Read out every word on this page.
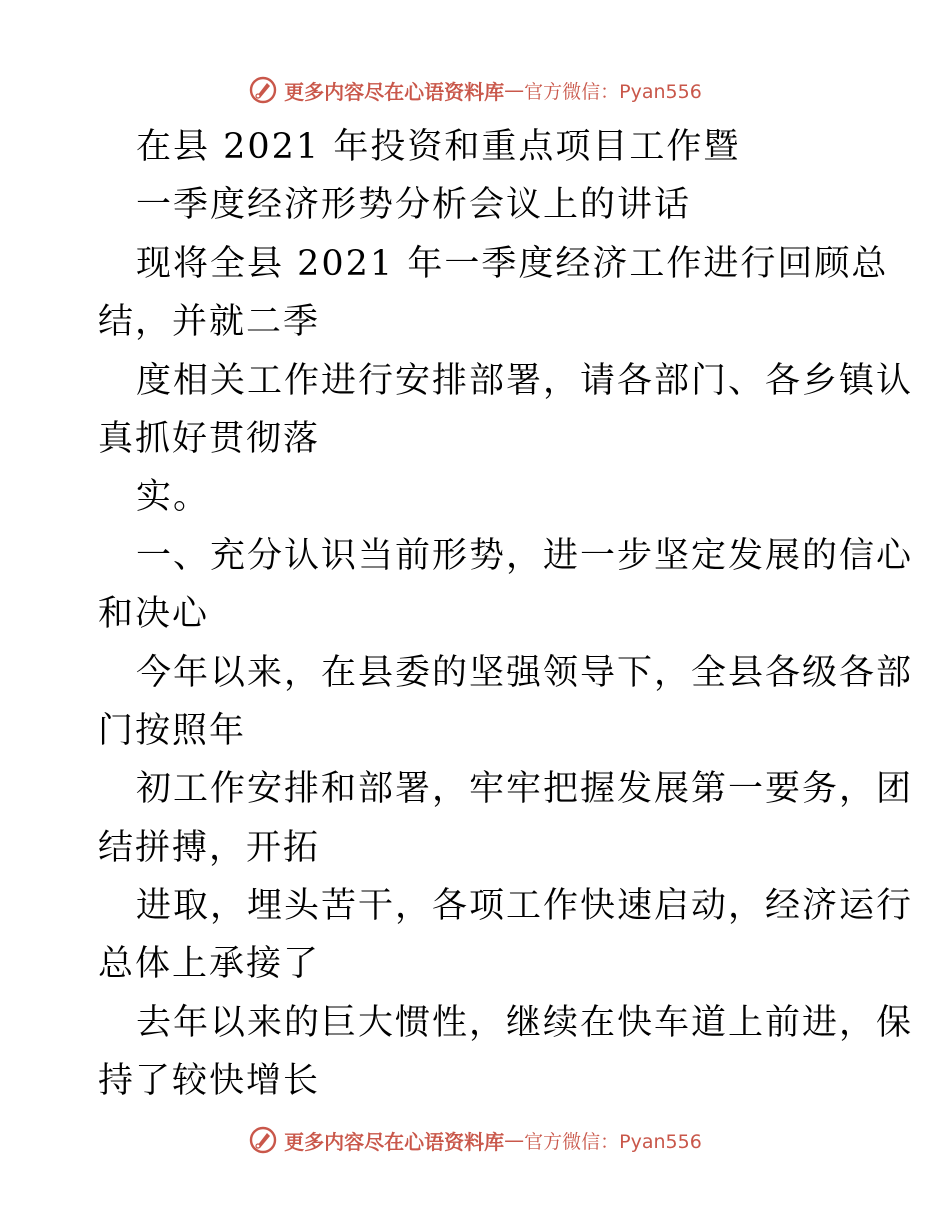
更多内容尽在心语资料库 — 官方微信：Pyan556
在县 2021 年投资和重点项目工作暨
一季度经济形势分析会议上的讲话
现将全县 2021 年一季度经济工作进行回顾总
结，并就二季
度相关工作进行安排部署，请各部门、各乡镇认
真抓好贯彻落
实。
一、充分认识当前形势，进一步坚定发展的信心
和决心
今年以来，在县委的坚强领导下，全县各级各部
门按照年
初工作安排和部署，牢牢把握发展第一要务，团
结拼搏，开拓
进取，埋头苦干，各项工作快速启动，经济运行
总体上承接了
去年以来的巨大惯性，继续在快车道上前进，保
持了较快增长
更多内容尽在心语资料库 — 官方微信：Pyan556
